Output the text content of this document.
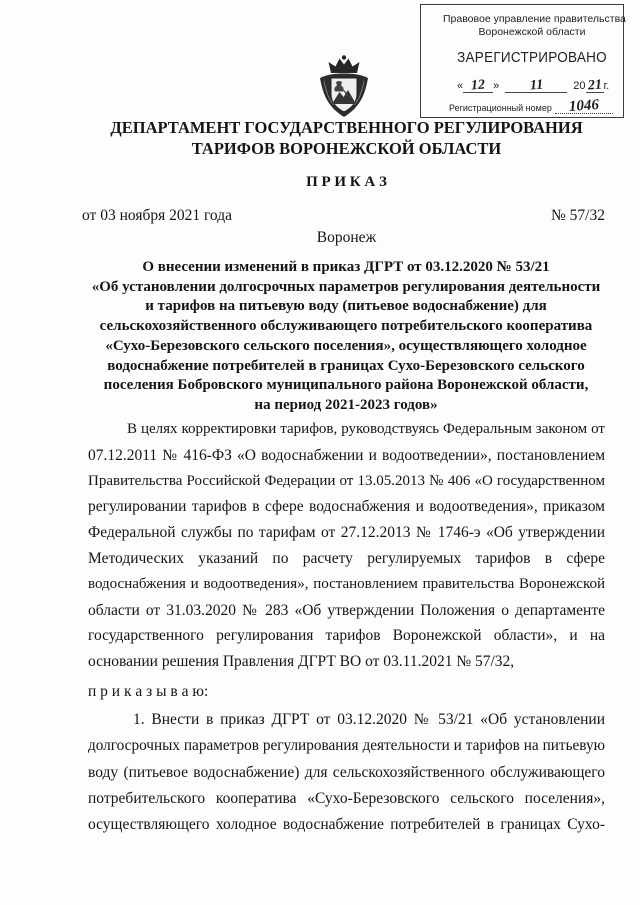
Правовое управление правительства
Воронежской области
ЗАРЕГИСТРИРОВАНО
« 12 »	11	20 21 г.
Регистрационный номер	1046
ДЕПАРТАМЕНТ ГОСУДАРСТВЕННОГО РЕГУЛИРОВАНИЯ
ТАРИФОВ ВОРОНЕЖСКОЙ ОБЛАСТИ
П Р И К А З
от 03 ноября 2021 года	№ 57/32
Воронеж
О внесении изменений в приказ ДГРТ от 03.12.2020 № 53/21
«Об установлении долгосрочных параметров регулирования деятельности
и тарифов на питьевую воду (питьевое водоснабжение) для
сельскохозяйственного обслуживающего потребительского кооператива
«Сухо-Березовского сельского поселения», осуществляющего холодное
водоснабжение потребителей в границах Сухо-Березовского сельского
поселения Бобровского муниципального района Воронежской области,
на период 2021-2023 годов»
В целях корректировки тарифов, руководствуясь Федеральным законом от
07.12.2011 № 416-ФЗ «О водоснабжении и водоотведении», постановлением
Правительства Российской Федерации от 13.05.2013 № 406 «О государственном
регулировании тарифов в сфере водоснабжения и водоотведения», приказом
Федеральной службы по тарифам от 27.12.2013 № 1746-э «Об утверждении
Методических указаний по расчету регулируемых тарифов в сфере
водоснабжения и водоотведения», постановлением правительства Воронежской
области от 31.03.2020 № 283 «Об утверждении Положения о департаменте
государственного регулирования тарифов Воронежской области», и на
основании решения Правления ДГРТ ВО от 03.11.2021 № 57/32,
п р и к а з ы в а ю:
1. Внести в приказ ДГРТ от 03.12.2020 № 53/21 «Об установлении
долгосрочных параметров регулирования деятельности и тарифов на питьевую
воду (питьевое водоснабжение) для сельскохозяйственного обслуживающего
потребительского кооператива «Сухо-Березовского сельского поселения»,
осуществляющего холодное водоснабжение потребителей в границах Сухо-
